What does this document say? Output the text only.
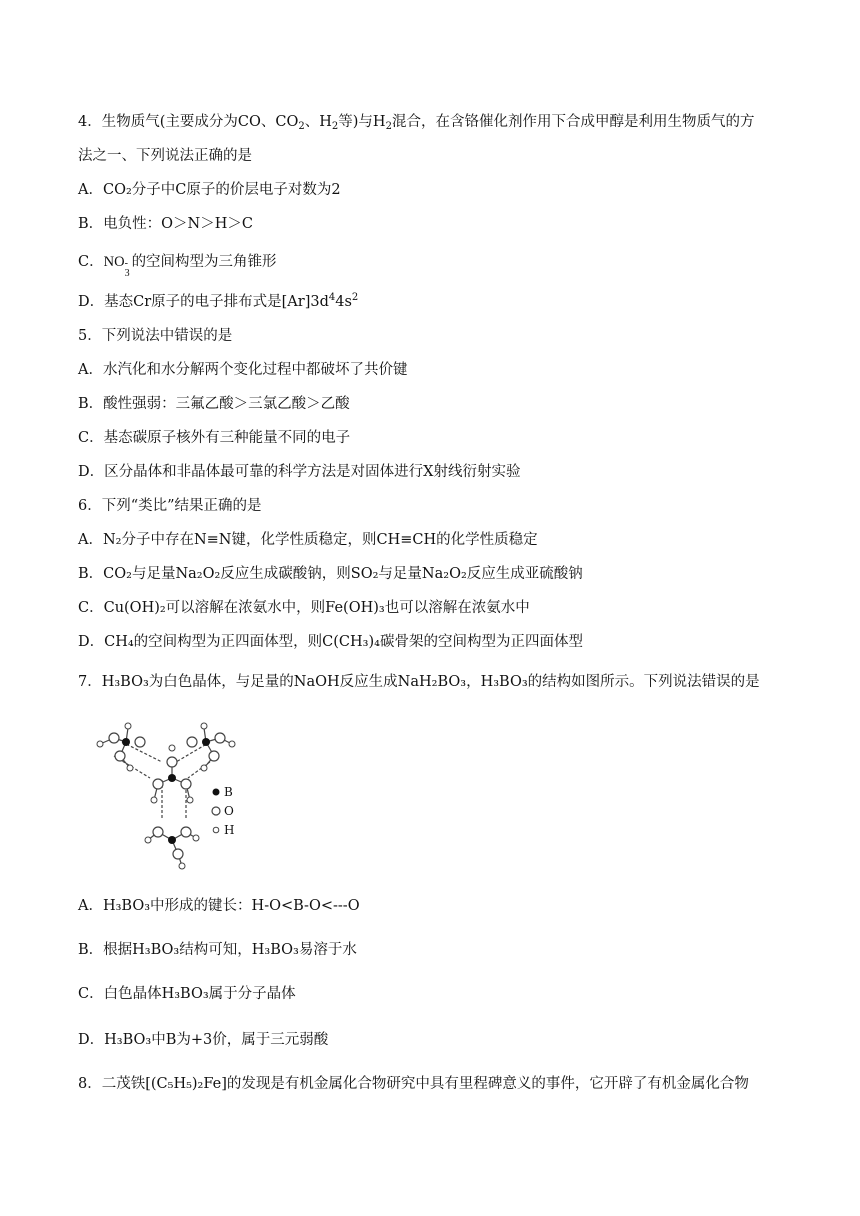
4．生物质气(主要成分为CO、$CO_2$、$H_2$等)与$H_2$混合，在含铬催化剂作用下合成甲醇是利用生物质气的方
法之一、下列说法正确的是
A．CO₂分子中C原子的价层电子对数为2
B．电负性：O＞N＞H＞C
C．NO -
3
的空间构型为三角锥形
D．基态Cr原子的电子排布式是$[Ar]3d^44s^2$
5．下列说法中错误的是
A．水汽化和水分解两个变化过程中都破坏了共价键
B．酸性强弱：三氟乙酸＞三氯乙酸＞乙酸
C．基态碳原子核外有三种能量不同的电子
D．区分晶体和非晶体最可靠的科学方法是对固体进行X射线衍射实验
6．下列“类比”结果正确的是
A．N₂分子中存在N≡N键，化学性质稳定，则CH≡CH的化学性质稳定
B．CO₂与足量Na₂O₂反应生成碳酸钠，则SO₂与足量Na₂O₂反应生成亚硫酸钠
C．Cu(OH)₂可以溶解在浓氨水中，则Fe(OH)₃也可以溶解在浓氨水中
D．CH₄的空间构型为正四面体型，则C(CH₃)₄碳骨架的空间构型为正四面体型
7．H₃BO₃为白色晶体，与足量的NaOH反应生成NaH₂BO₃，H₃BO₃的结构如图所示。下列说法错误的是
B
O
H
A．H₃BO₃中形成的键长：H-O<B-O<---O
B．根据H₃BO₃结构可知，H₃BO₃易溶于水
C．白色晶体H₃BO₃属于分子晶体
D．H₃BO₃中B为+3价，属于三元弱酸
8．二茂铁[(C₅H₅)₂Fe]的发现是有机金属化合物研究中具有里程碑意义的事件，它开辟了有机金属化合物
